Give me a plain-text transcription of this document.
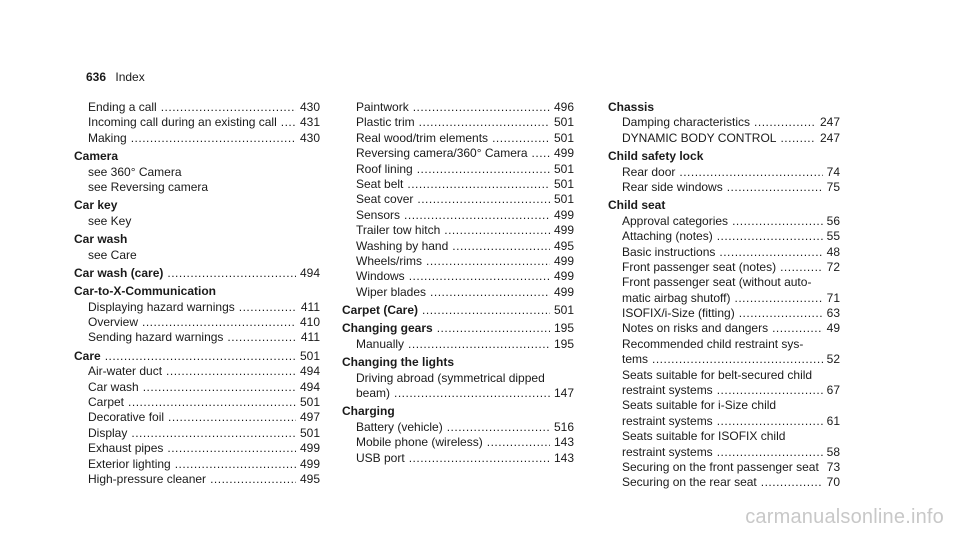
636 Index
Ending a call .....	430
Incoming call during an existing call ..... 431
Making .....	430
Camera
see 360° Camera
see Reversing camera
Car key
see Key
Car wash
see Care
Car wash (care) .....	494
Car-to-X-Communication
Displaying hazard warnings .....	411
Overview .....	410
Sending hazard warnings .....	411
Care .....	501
Air-water duct .....	494
Car wash .....	494
Carpet .....	501
Decorative foil .....	497
Display .....	501
Exhaust pipes .....	499
Exterior lighting .....	499
High-pressure cleaner .....	495
Paintwork .....	496
Plastic trim .....	501
Real wood/trim elements .....	501
Reversing camera/360° Camera ..... 499
Roof lining .....	501
Seat belt .....	501
Seat cover .....	501
Sensors .....	499
Trailer tow hitch .....	499
Washing by hand .....	495
Wheels/rims .....	499
Windows .....	499
Wiper blades .....	499
Carpet (Care) .....	501
Changing gears .....	195
Manually .....	195
Changing the lights
Driving abroad (symmetrical dipped
beam) .....	147
Charging
Battery (vehicle) .....	516
Mobile phone (wireless) .....	143
USB port .....	143
Chassis
Damping characteristics .....	247
DYNAMIC BODY CONTROL .....	247
Child safety lock
Rear door .....	74
Rear side windows .....	75
Child seat
Approval categories .....	56
Attaching (notes) .....	55
Basic instructions .....	48
Front passenger seat (notes) .....	72
Front passenger seat (without auto-
matic airbag shutoff) .....	71
ISOFIX/i-Size (fitting) .....	63
Notes on risks and dangers .....	49
Recommended child restraint sys-
tems .....	52
Seats suitable for belt-secured child
restraint systems .....	67
Seats suitable for i-Size child
restraint systems .....	61
Seats suitable for ISOFIX child
restraint systems .....	58
Securing on the front passenger seat 73
Securing on the rear seat .....	70
carmanualsonline.info
